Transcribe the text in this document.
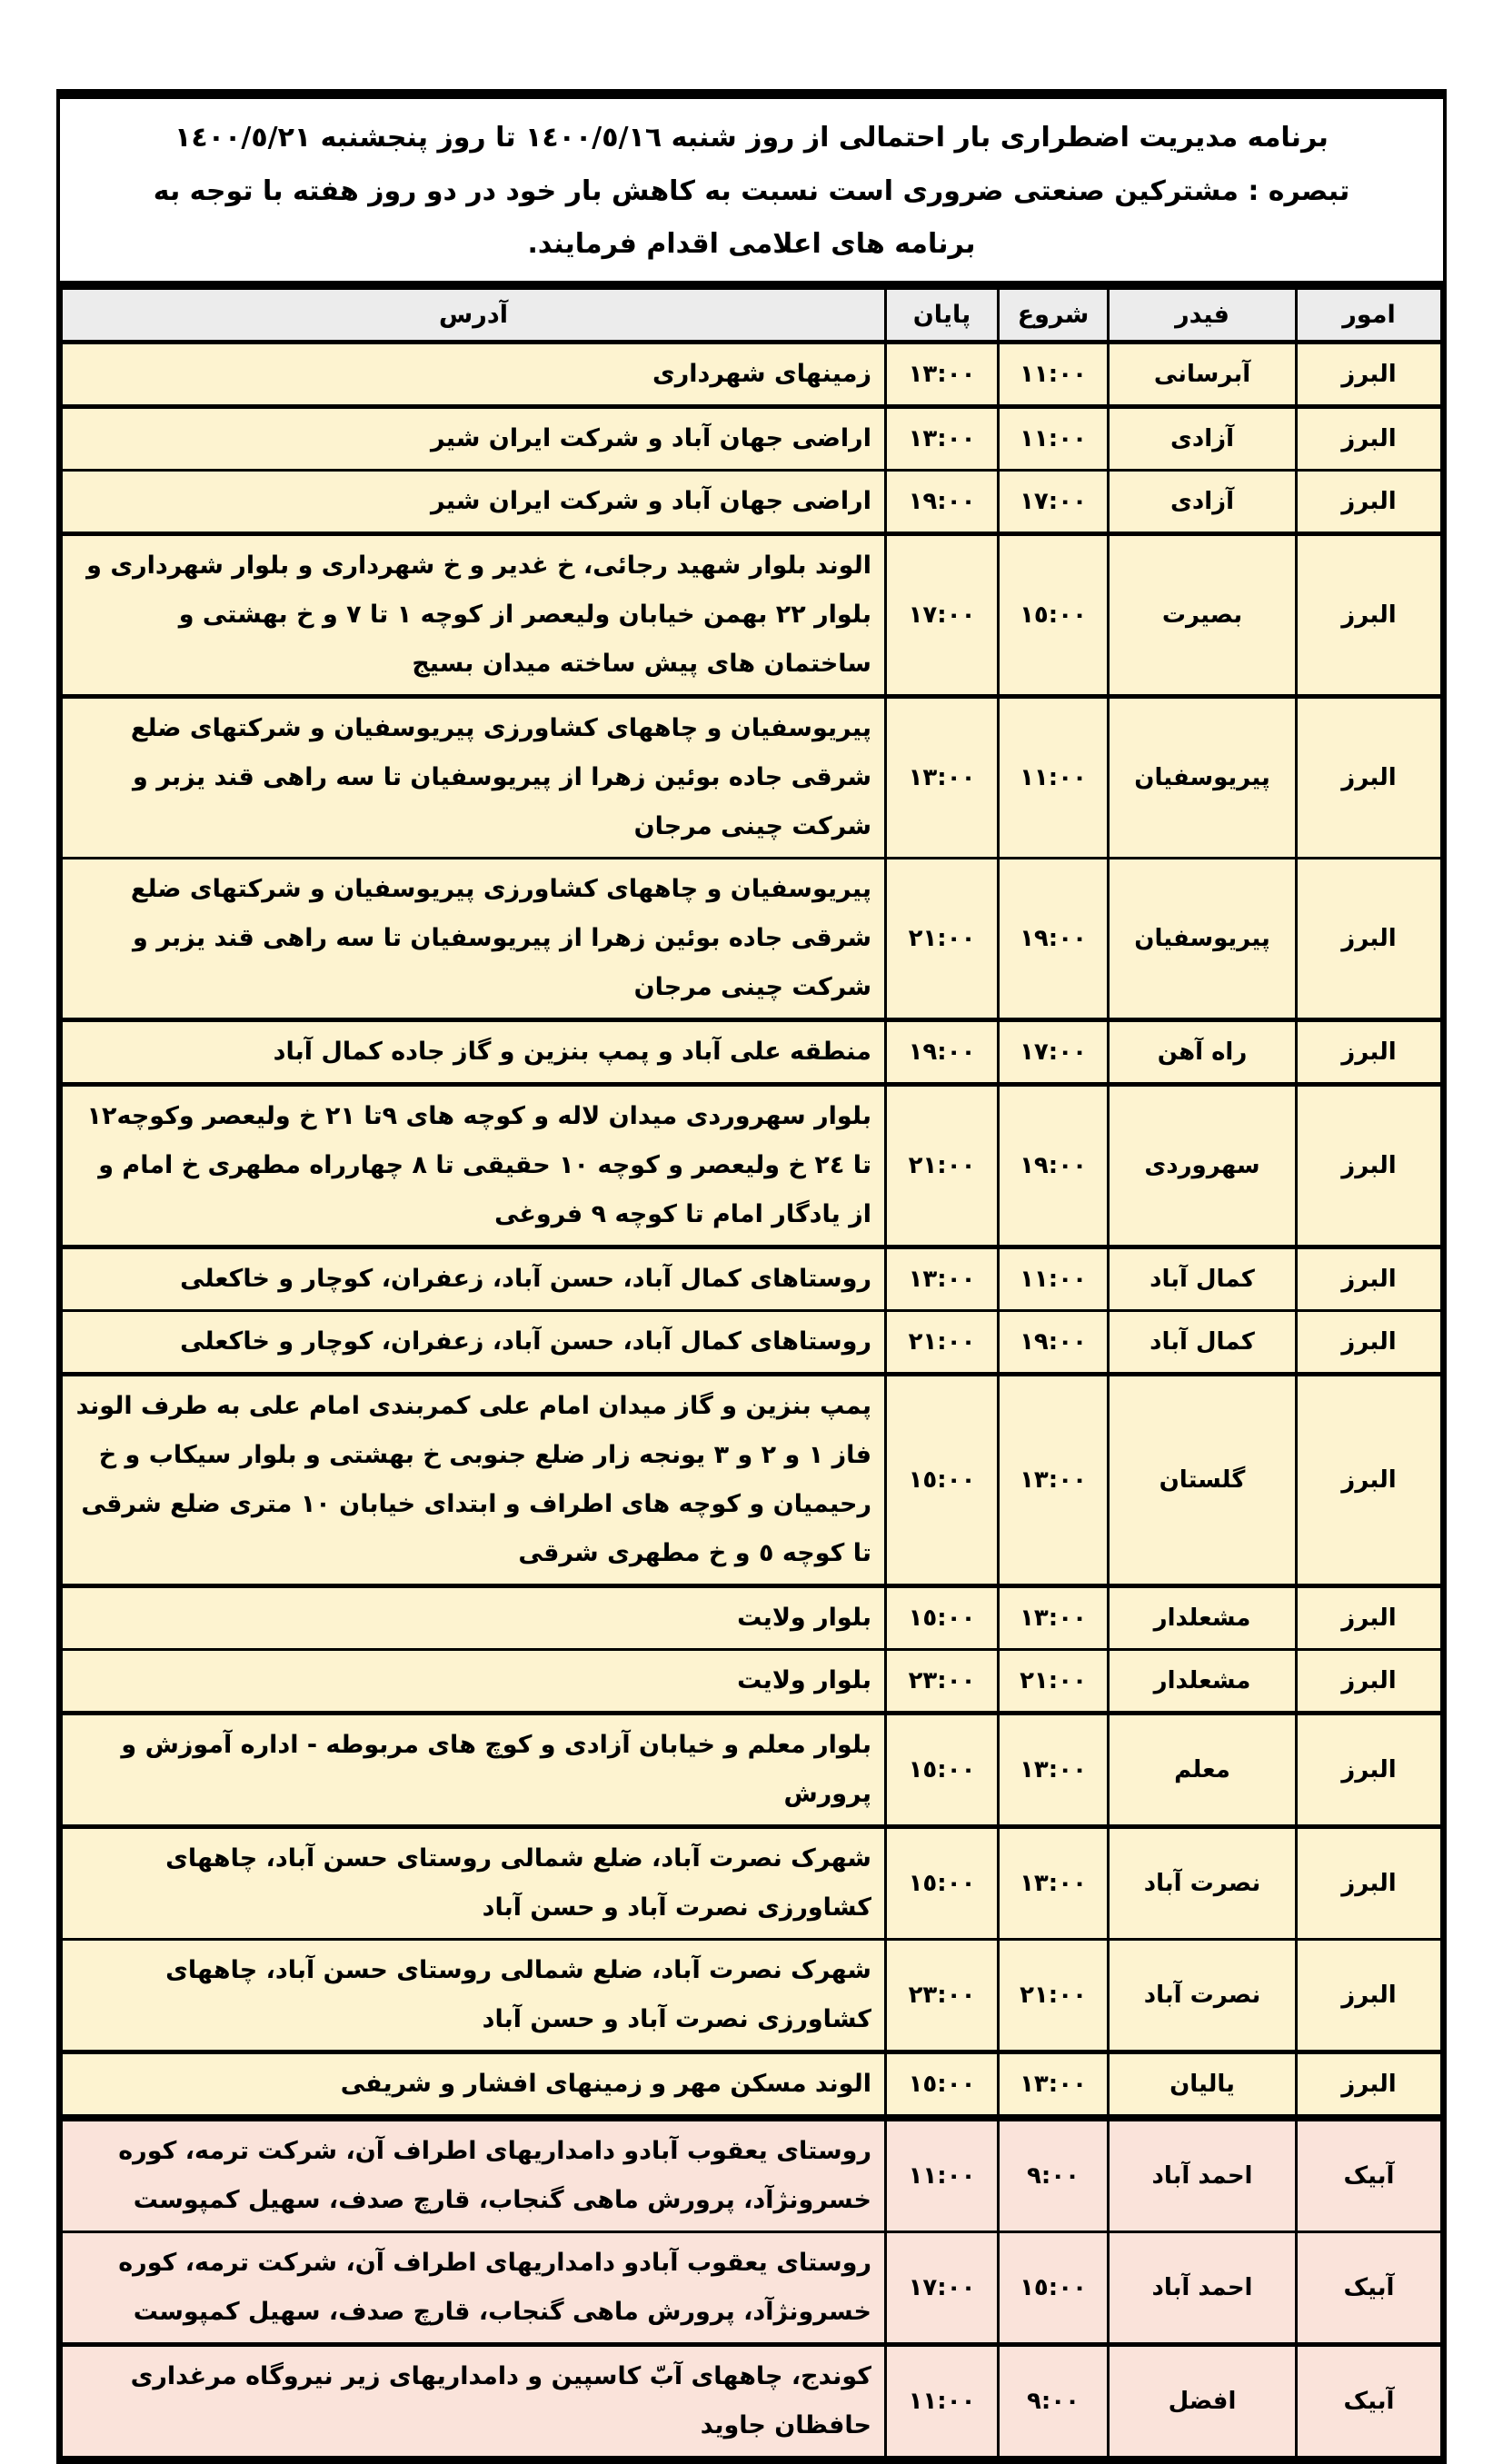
برنامه مدیریت اضطراری بار احتمالی از روز شنبه ١٤٠٠/٥/١٦ تا روز پنجشنبه ١٤٠٠/٥/٢١
تبصره : مشترکین صنعتی ضروری است نسبت به کاهش بار خود در دو روز هفته با توجه به
برنامه های اعلامی اقدام فرمایند.
امور	فیدر	شروع	پایان	آدرس
البرز	آبرسانی	١١:٠٠	١٣:٠٠	زمینهای شهرداری
البرز	آزادی	١١:٠٠	١٣:٠٠	اراضی جهان آباد و شرکت ایران شیر
البرز	آزادی	١٧:٠٠	١٩:٠٠	اراضی جهان آباد و شرکت ایران شیر
البرز	بصیرت	١٥:٠٠	١٧:٠٠	الوند بلوار شهید رجائی، خ غدیر و خ شهرداری و بلوار شهرداری و بلوار ٢٢ بهمن خیابان ولیعصر از کوچه ١ تا ٧ و خ بهشتی و ساختمان های پیش ساخته میدان بسیج
البرز	پیریوسفیان	١١:٠٠	١٣:٠٠	پیریوسفیان و چاههای کشاورزی پیریوسفیان و شرکتهای ضلع شرقی جاده بوئین زهرا از پیریوسفیان تا سه راهی قند یزبر و شرکت چینی مرجان
البرز	پیریوسفیان	١٩:٠٠	٢١:٠٠	پیریوسفیان و چاههای کشاورزی پیریوسفیان و شرکتهای ضلع شرقی جاده بوئین زهرا از پیریوسفیان تا سه راهی قند یزبر و شرکت چینی مرجان
البرز	راه آهن	١٧:٠٠	١٩:٠٠	منطقه علی آباد و پمپ بنزین و گاز جاده کمال آباد
البرز	سهروردی	١٩:٠٠	٢١:٠٠	بلوار سهروردی میدان لاله و کوچه های ٩تا ٢١ خ ولیعصر وکوچه١٢ تا ٢٤ خ ولیعصر و کوچه ١٠ حقیقی تا ٨ چهارراه مطهری خ امام و از یادگار امام تا کوچه ٩ فروغی
البرز	کمال آباد	١١:٠٠	١٣:٠٠	روستاهای کمال آباد، حسن آباد، زعفران، کوچار و خاکعلی
البرز	کمال آباد	١٩:٠٠	٢١:٠٠	روستاهای کمال آباد، حسن آباد، زعفران، کوچار و خاکعلی
البرز	گلستان	١٣:٠٠	١٥:٠٠	پمپ بنزین و گاز میدان امام علی کمربندی امام علی به طرف الوند فاز ١ و ٢ و ٣ یونجه زار ضلع جنوبی خ بهشتی و بلوار سیکاب و خ رحیمیان و کوچه های اطراف و ابتدای خیابان ١٠ متری ضلع شرقی تا کوچه ٥ و خ مطهری شرقی
البرز	مشعلدار	١٣:٠٠	١٥:٠٠	بلوار ولایت
البرز	مشعلدار	٢١:٠٠	٢٣:٠٠	بلوار ولایت
البرز	معلم	١٣:٠٠	١٥:٠٠	بلوار معلم و خیابان آزادی و کوچ های مربوطه - اداره آموزش و پرورش
البرز	نصرت آباد	١٣:٠٠	١٥:٠٠	شهرک نصرت آباد، ضلع شمالی روستای حسن آباد، چاههای کشاورزی نصرت آباد و حسن آباد
البرز	نصرت آباد	٢١:٠٠	٢٣:٠٠	شهرک نصرت آباد، ضلع شمالی روستای حسن آباد، چاههای کشاورزی نصرت آباد و حسن آباد
البرز	یالیان	١٣:٠٠	١٥:٠٠	الوند مسکن مهر و زمینهای افشار و شریفی
آبیک	احمد آباد	٩:٠٠	١١:٠٠	روستای یعقوب آبادو دامداریهای اطراف آن، شرکت ترمه، کوره خسرونژآد، پرورش ماهی گنجاب، قارچ صدف، سهیل کمپوست
آبیک	احمد آباد	١٥:٠٠	١٧:٠٠	روستای یعقوب آبادو دامداریهای اطراف آن، شرکت ترمه، کوره خسرونژآد، پرورش ماهی گنجاب، قارچ صدف، سهیل کمپوست
آبیک	افضل	٩:٠٠	١١:٠٠	کوندج، چاههای آبّ کاسپین و دامداریهای زیر نیروگاه مرغداری حافظان جاوید
